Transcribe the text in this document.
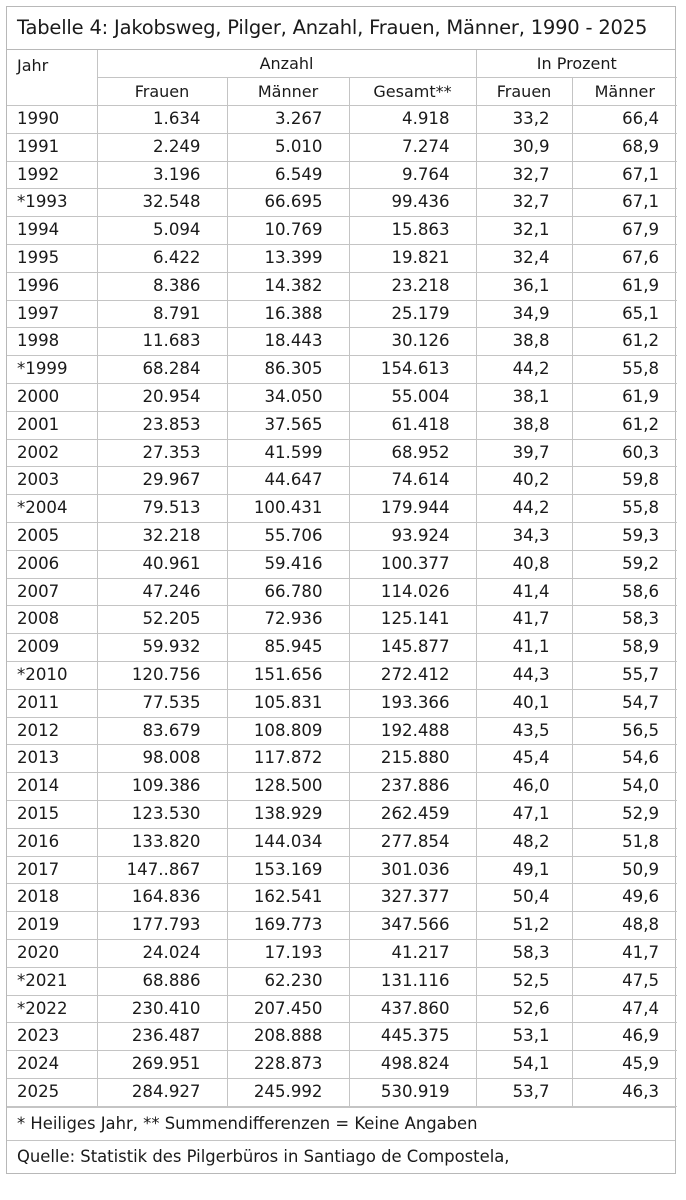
Tabelle 4: Jakobsweg, Pilger, Anzahl, Frauen, Männer, 1990 - 2025
Jahr	Anzahl			In Prozent	
	Frauen	Männer	Gesamt**	Frauen	Männer
1990	1.634	3.267	4.918	33,2	66,4
1991	2.249	5.010	7.274	30,9	68,9
1992	3.196	6.549	9.764	32,7	67,1
*1993	32.548	66.695	99.436	32,7	67,1
1994	5.094	10.769	15.863	32,1	67,9
1995	6.422	13.399	19.821	32,4	67,6
1996	8.386	14.382	23.218	36,1	61,9
1997	8.791	16.388	25.179	34,9	65,1
1998	11.683	18.443	30.126	38,8	61,2
*1999	68.284	86.305	154.613	44,2	55,8
2000	20.954	34.050	55.004	38,1	61,9
2001	23.853	37.565	61.418	38,8	61,2
2002	27.353	41.599	68.952	39,7	60,3
2003	29.967	44.647	74.614	40,2	59,8
*2004	79.513	100.431	179.944	44,2	55,8
2005	32.218	55.706	93.924	34,3	59,3
2006	40.961	59.416	100.377	40,8	59,2
2007	47.246	66.780	114.026	41,4	58,6
2008	52.205	72.936	125.141	41,7	58,3
2009	59.932	85.945	145.877	41,1	58,9
*2010	120.756	151.656	272.412	44,3	55,7
2011	77.535	105.831	193.366	40,1	54,7
2012	83.679	108.809	192.488	43,5	56,5
2013	98.008	117.872	215.880	45,4	54,6
2014	109.386	128.500	237.886	46,0	54,0
2015	123.530	138.929	262.459	47,1	52,9
2016	133.820	144.034	277.854	48,2	51,8
2017	147..867	153.169	301.036	49,1	50,9
2018	164.836	162.541	327.377	50,4	49,6
2019	177.793	169.773	347.566	51,2	48,8
2020	24.024	17.193	41.217	58,3	41,7
*2021	68.886	62.230	131.116	52,5	47,5
*2022	230.410	207.450	437.860	52,6	47,4
2023	236.487	208.888	445.375	53,1	46,9
2024	269.951	228.873	498.824	54,1	45,9
2025	284.927	245.992	530.919	53,7	46,3
* Heiliges Jahr, ** Summendifferenzen = Keine Angaben
Quelle: Statistik des Pilgerbüros in Santiago de Compostela,
